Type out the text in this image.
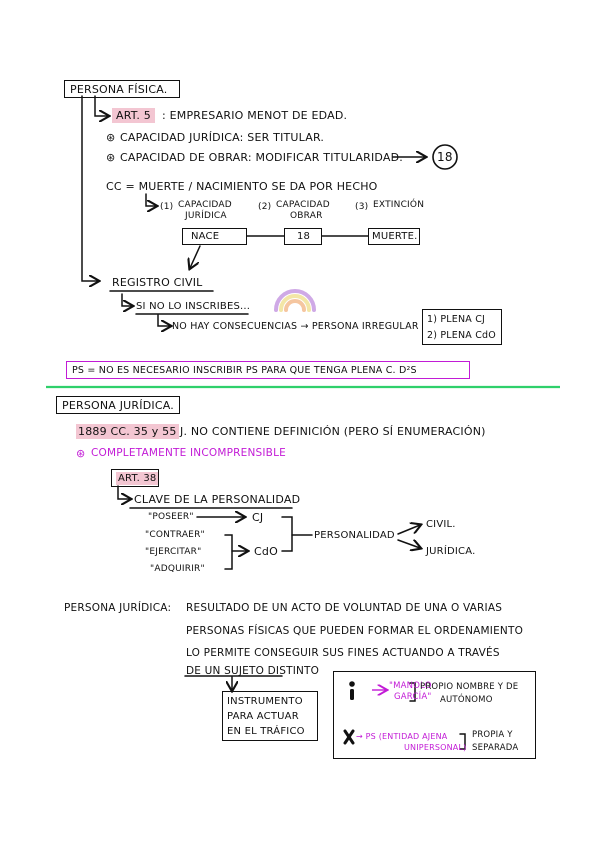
PERSONA FÍSICA.
ART. 5	: EMPRESARIO MENOT DE EDAD.
⊛ CAPACIDAD JURÍDICA: SER TITULAR.
⊛ CAPACIDAD DE OBRAR: MODIFICAR TITULARIDAD.	18
CC = MUERTE / NACIMIENTO SE DA POR HECHO
(1) CAPACIDAD
JURÍDICA
(2) CAPACIDAD
OBRAR
(3) EXTINCIÓN
NACE	18	MUERTE.
REGISTRO CIVIL
SI NO LO INSCRIBES...
NO HAY CONSECUENCIAS → PERSONA IRREGULAR
1) PLENA CJ
2) PLENA CdO
PS = NO ES NECESARIO INSCRIBIR PS PARA QUE TENGA PLENA C. D²S
PERSONA JURÍDICA.
1889 CC. 35 y 55 J. NO CONTIENE DEFINICIÓN (PERO SÍ ENUMERACIÓN)
⊛ COMPLETAMENTE INCOMPRENSIBLE
ART. 38
CLAVE DE LA PERSONALIDAD
"POSEER"
"CONTRAER"
"EJERCITAR"
"ADQUIRIR"
CJ
CdO
PERSONALIDAD
CIVIL.
JURÍDICA.
PERSONA JURÍDICA: RESULTADO DE UN ACTO DE VOLUNTAD DE UNA O VARIAS
PERSONAS FÍSICAS QUE PUEDEN FORMAR EL ORDENAMIENTO
LO PERMITE CONSEGUIR SUS FINES ACTUANDO A TRAVÉS
DE UN SUJETO DISTINTO
INSTRUMENTO
PARA ACTUAR
EN EL TRÁFICO
"MANOLO
GARCÍA"
PROPIO NOMBRE Y DE
AUTÓNOMO
→ PS (ENTIDAD AJENA
UNIPERSONAL)
PROPIA Y
SEPARADA
